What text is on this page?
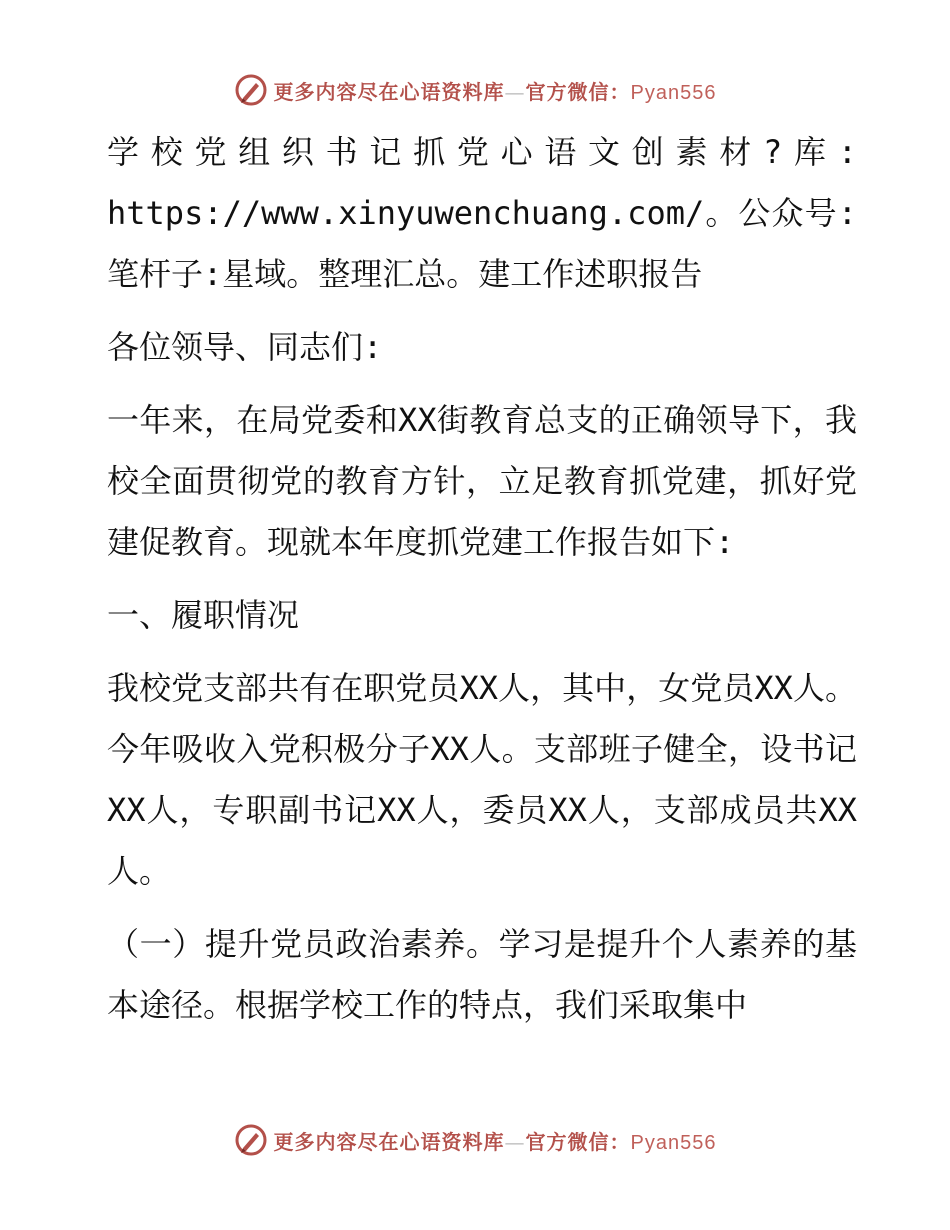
更多内容尽在心语资料库—官方微信：Pyan556

学校党组织书记抓党心语文创素材?库: https://www.xinyuwenchuang.com/。公众号: 笔杆子:星域。整理汇总。建工作述职报告

各位领导、同志们:

一年来，在局党委和XX街教育总支的正确领导下，我校全面贯彻党的教育方针，立足教育抓党建，抓好党建促教育。现就本年度抓党建工作报告如下:

一、履职情况

我校党支部共有在职党员XX人，其中，女党员XX人。今年吸收入党积极分子XX人。支部班子健全，设书记XX人，专职副书记XX人，委员XX人，支部成员共XX人。

（一）提升党员政治素养。学习是提升个人素养的基本途径。根据学校工作的特点，我们采取集中

更多内容尽在心语资料库—官方微信：Pyan556
